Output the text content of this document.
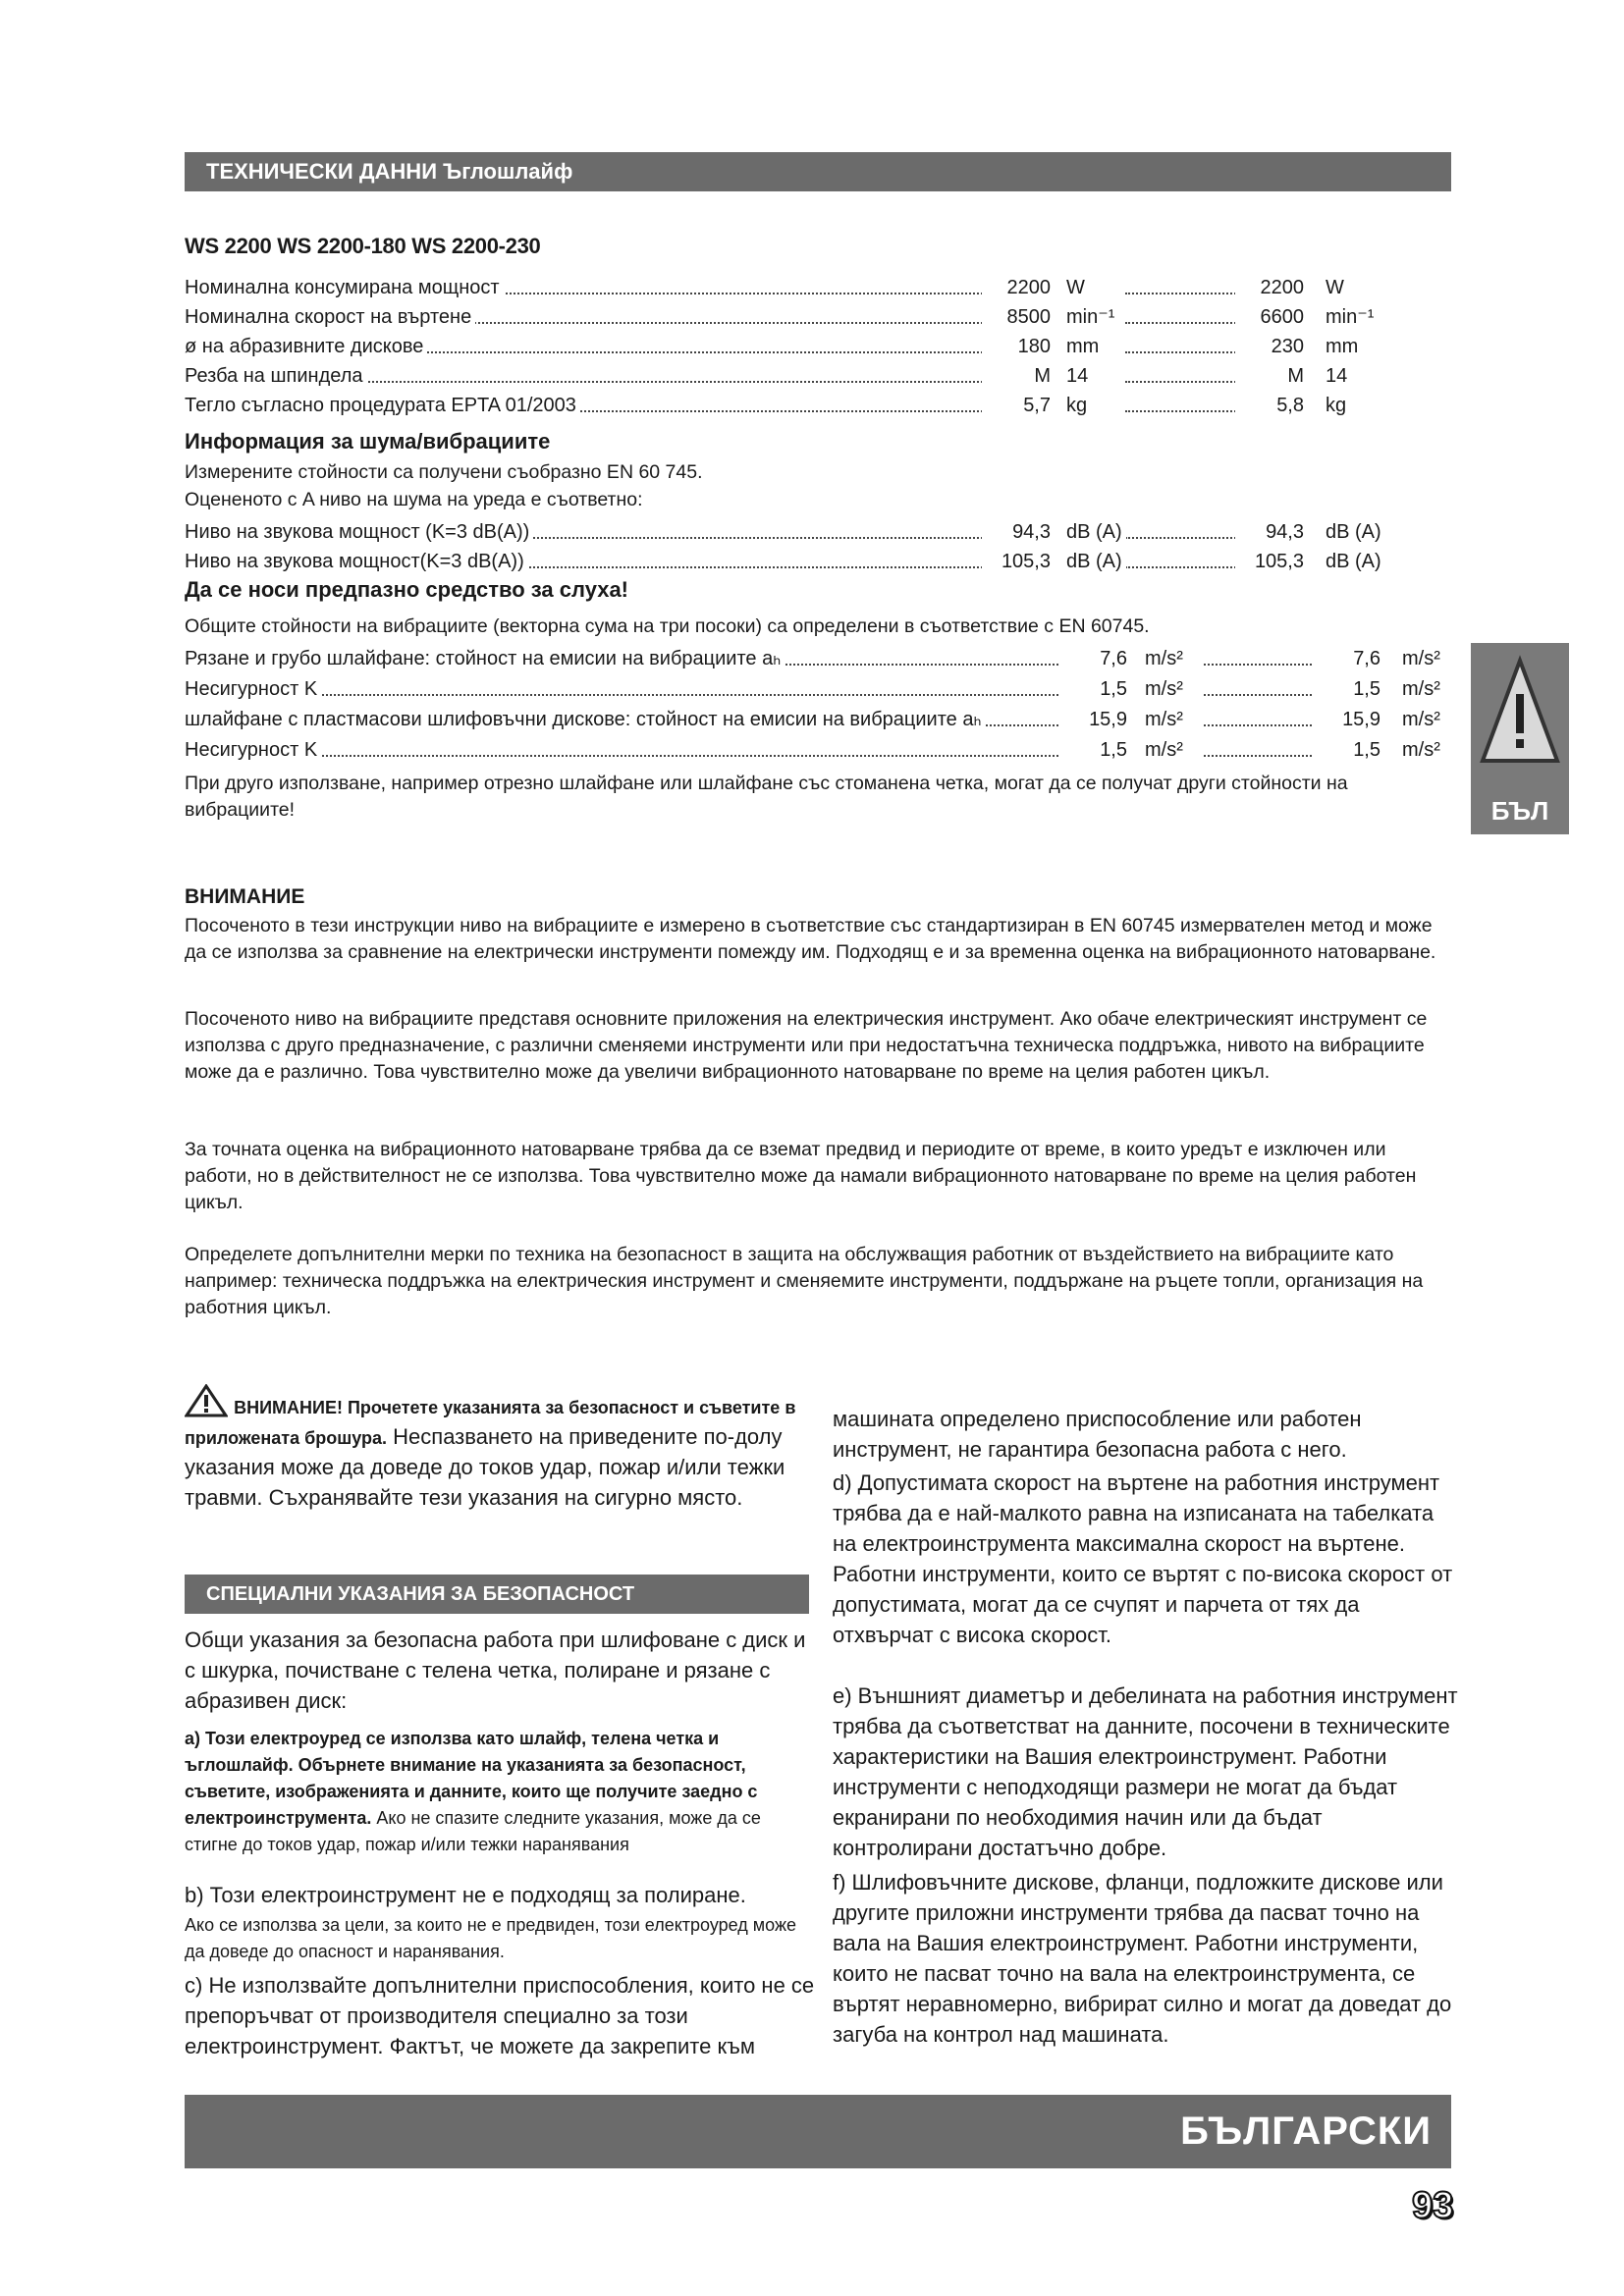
ТЕХНИЧЕСКИ ДАННИ Ъглошлайф
WS 2200 WS 2200-180 WS 2200-230
Номинална консумирана мощност	2200 W	2200 W
Номинална скорост на въртене	8500 min⁻¹	6600 min⁻¹
ø на абразивните дискове	180 mm	230 mm
Резба на шпиндела	M 14	M 14
Тегло съгласно процедурата EPTA 01/2003	5,7 kg	5,8 kg
Информация за шума/вибрациите
Измерените стойности са получени съобразно EN 60 745.
Оцененото с A ниво на шума на уреда е съответно:
Ниво на звукова мощност (K=3 dB(A))	94,3 dB (A)	94,3 dB (A)
Ниво на звукова мощност(K=3 dB(A))	105,3 dB (A)	105,3 dB (A)
Да се носи предпазно средство за слуха!
Общите стойности на вибрациите (векторна сума на три посоки) са определени в съответствие с EN 60745.
Рязане и грубо шлайфане: стойност на емисии на вибрациите aₕ	7,6 m/s²	7,6 m/s²
Несигурност K	1,5 m/s²	1,5 m/s²
шлайфане с пластмасови шлифовъчни дискове: стойност на емисии на вибрациите aₕ	15,9 m/s²	15,9 m/s²
Несигурност K	1,5 m/s²	1,5 m/s²
При друго използване, например отрезно шлайфане или шлайфане със стоманена четка, могат да се получат други стойности на вибрациите!	БЪЛ
ВНИМАНИЕ
Посоченото в тези инструкции ниво на вибрациите е измерено в съответствие със стандартизиран в EN 60745 измервателен метод и може да се използва за сравнение на електрически инструменти помежду им. Подходящ е и за временна оценка на вибрационното натоварване.
Посоченото ниво на вибрациите представя основните приложения на електрическия инструмент. Ако обаче електрическият инструмент се използва с друго предназначение, с различни сменяеми инструменти или при недостатъчна техническа поддръжка, нивото на вибрациите може да е различно. Това чувствително може да увеличи вибрационното натоварване по време на целия работен цикъл.
За точната оценка на вибрационното натоварване трябва да се вземат предвид и периодите от време, в които уредът е изключен или работи, но в действителност не се използва. Това чувствително може да намали вибрационното натоварване по време на целия работен цикъл.
Определете допълнителни мерки по техника на безопасност в защита на обслужващия работник от въздействието на вибрациите като например: техническа поддръжка на електрическия инструмент и сменяемите инструменти, поддържане на ръцете топли, организация на работния цикъл.
ВНИМАНИЕ! Прочетете указанията за безопасност и съветите в приложената брошура. Неспазването на приведените по-долу указания може да доведе до токов удар, пожар и/или тежки травми. Съхранявайте тези указания на сигурно място.
СПЕЦИАЛНИ УКАЗАНИЯ ЗА БЕЗОПАСНОСТ
Общи указания за безопасна работа при шлифоване с диск и с шкурка, почистване с телена четка, полиране и рязане с абразивен диск:
а) Този електроуред се използва като шлайф, телена четка и ъглошлайф. Обърнете внимание на указанията за безопасност, съветите, изображенията и данните, които ще получите заедно с електроинструмента. Ако не спазите следните указания, може да се стигне до токов удар, пожар и/или тежки наранявания
b) Този електроинструмент не е подходящ за полиране.
Ако се използва за цели, за които не е предвиден, този електроуред може да доведе до опасност и наранявания.
c) Не използвайте допълнителни приспособления, които не се препоръчват от производителя специално за този електроинструмент. Фактът, че можете да закрепите към
машината определено приспособление или работен инструмент, не гарантира безопасна работа с него.
d) Допустимата скорост на въртене на работния инструмент трябва да е най-малкото равна на изписаната на табелката на електроинструмента максимална скорост на въртене. Работни инструменти, които се въртят с по-висока скорост от допустимата, могат да се счупят и парчета от тях да отхвърчат с висока скорост.
e) Външният диаметър и дебелината на работния инструмент трябва да съответстват на данните, посочени в техническите характеристики на Вашия електроинструмент. Работни инструменти с неподходящи размери не могат да бъдат екранирани по необходимия начин или да бъдат контролирани достатъчно добре.
f) Шлифовъчните дискове, фланци, подложките дискове или другите приложни инструменти трябва да пасват точно на вала на Вашия електроинструмент. Работни инструменти, които не пасват точно на вала на електроинструмента, се въртят неравномерно, вибрират силно и могат да доведат до загуба на контрол над машината.
БЪЛГАРСКИ
93
